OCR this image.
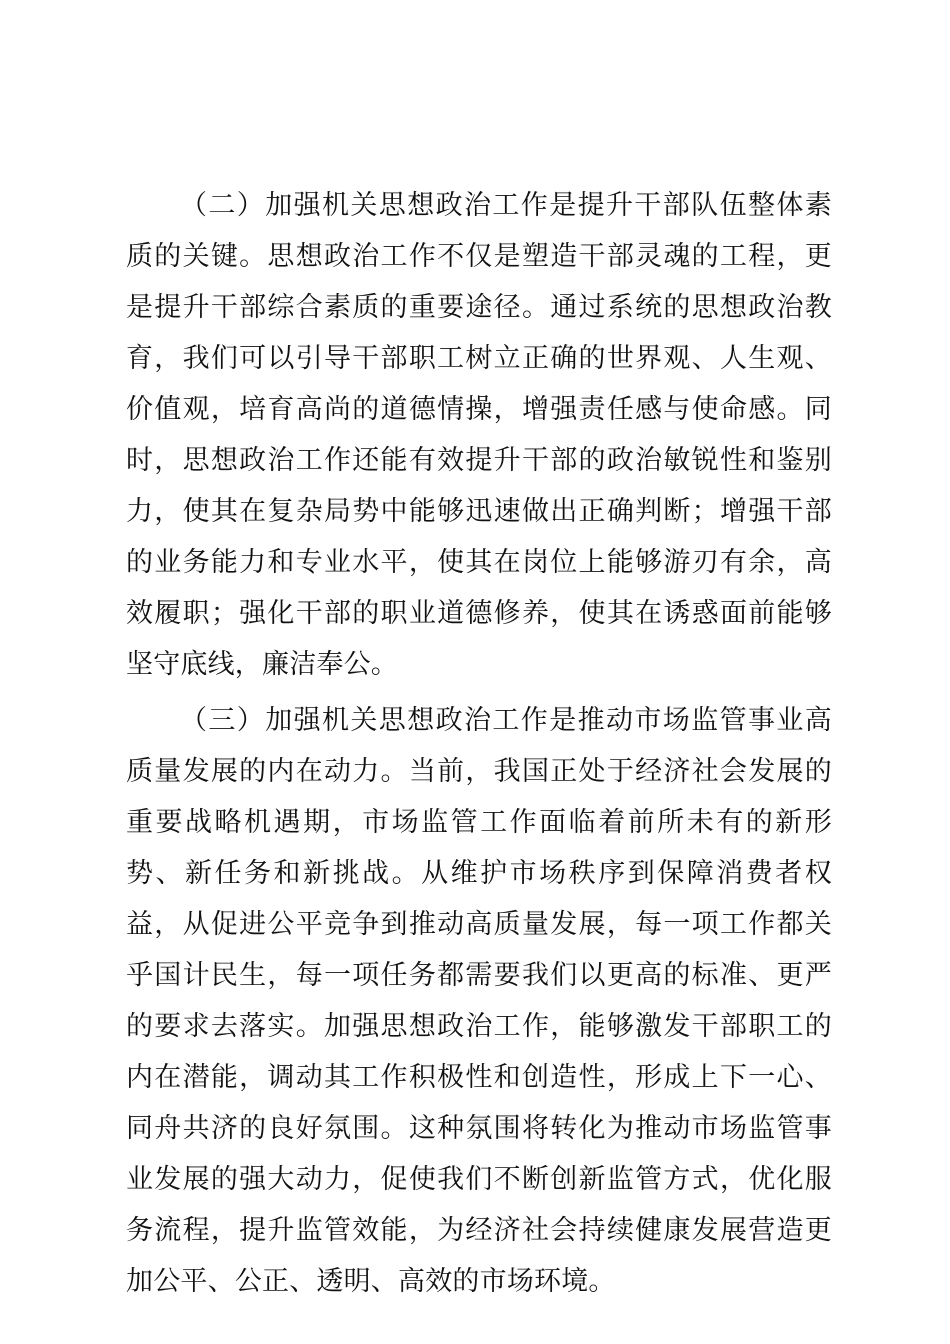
（二）加强机关思想政治工作是提升干部队伍整体素质的关键。思想政治工作不仅是塑造干部灵魂的工程，更是提升干部综合素质的重要途径。通过系统的思想政治教育，我们可以引导干部职工树立正确的世界观、人生观、价值观，培育高尚的道德情操，增强责任感与使命感。同时，思想政治工作还能有效提升干部的政治敏锐性和鉴别力，使其在复杂局势中能够迅速做出正确判断；增强干部的业务能力和专业水平，使其在岗位上能够游刃有余，高效履职；强化干部的职业道德修养，使其在诱惑面前能够坚守底线，廉洁奉公。

（三）加强机关思想政治工作是推动市场监管事业高质量发展的内在动力。当前，我国正处于经济社会发展的重要战略机遇期，市场监管工作面临着前所未有的新形势、新任务和新挑战。从维护市场秩序到保障消费者权益，从促进公平竞争到推动高质量发展，每一项工作都关乎国计民生，每一项任务都需要我们以更高的标准、更严的要求去落实。加强思想政治工作，能够激发干部职工的内在潜能，调动其工作积极性和创造性，形成上下一心、同舟共济的良好氛围。这种氛围将转化为推动市场监管事业发展的强大动力，促使我们不断创新监管方式，优化服务流程，提升监管效能，为经济社会持续健康发展营造更加公平、公正、透明、高效的市场环境。
